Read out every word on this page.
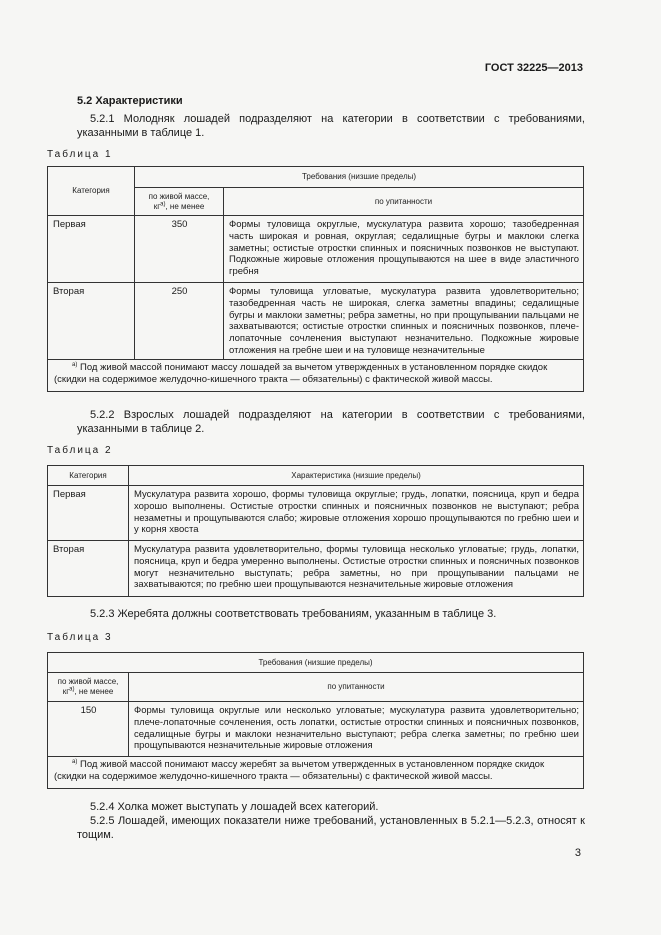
ГОСТ 32225—2013
5.2 Характеристики
5.2.1 Молодняк лошадей подразделяют на категории в соответствии с требованиями, указанными в таблице 1.
Таблица 1
Категория	Требования (низшие пределы)	
	по живой массе,
$кг^{а)}$, не менее	по упитанности
Первая	350	Формы туловища округлые, мускулатура развита хорошо; тазобедренная часть широкая и ровная, округлая; седалищные бугры и маклоки слегка заметны; остистые отростки спинных и поясничных позвонков не выступают. Подкожные жировые отложения прощупываются на шее в виде эластичного гребня
Вторая	250	Формы туловища угловатые, мускулатура развита удовлетворительно; тазобедренная часть не широкая, слегка заметны впадины; седалищные бугры и маклоки заметны; ребра заметны, но при прощупывании пальцами не захватываются; остистые отростки спинных и поясничных позвонков, плече-лопаточные сочленения выступают незначительно. Подкожные жировые отложения на гребне шеи и на туловище незначительные

$^{а)}$ Под живой массой понимают массу лошадей за вычетом утвержденных в установленном порядке скидок
(скидки на содержимое желудочно-кишечного тракта — обязательны) с фактической живой массы.		
5.2.2 Взрослых лошадей подразделяют на категории в соответствии с требованиями, указанными в таблице 2.
Таблица 2
Категория	Характеристика (низшие пределы)
Первая	Мускулатура развита хорошо, формы туловища округлые; грудь, лопатки, поясница, круп и бедра хорошо выполнены. Остистые отростки спинных и поясничных позвонков не выступают; ребра незаметны и прощупываются слабо; жировые отложения хорошо прощупываются по гребню шеи и у корня хвоста
Вторая	Мускулатура развита удовлетворительно, формы туловища несколько угловатые; грудь, лопатки, поясница, круп и бедра умеренно выполнены. Остистые отростки спинных и поясничных позвонков могут незначительно выступать; ребра заметны, но при прощупывании пальцами не захватываются; по гребню шеи прощупываются незначительные жировые отложения
5.2.3 Жеребята должны соответствовать требованиям, указанным в таблице 3.
Таблица 3
Требования (низшие пределы)	
по живой массе,
$кг^{а)}$, не менее	по упитанности
150	Формы туловища округлые или несколько угловатые; мускулатура развита удовлетворительно; плече-лопаточные сочленения, ость лопатки, остистые отростки спинных и поясничных позвонков, седалищные бугры и маклоки незначительно выступают; ребра слегка заметны; по гребню шеи прощупываются незначительные жировые отложения

$^{а)}$ Под живой массой понимают массу жеребят за вычетом утвержденных в установленном порядке скидок
(скидки на содержимое желудочно-кишечного тракта — обязательны) с фактической живой массы.	
5.2.4 Холка может выступать у лошадей всех категорий.
5.2.5 Лошадей, имеющих показатели ниже требований, установленных в 5.2.1—5.2.3, относят к тощим.
3
